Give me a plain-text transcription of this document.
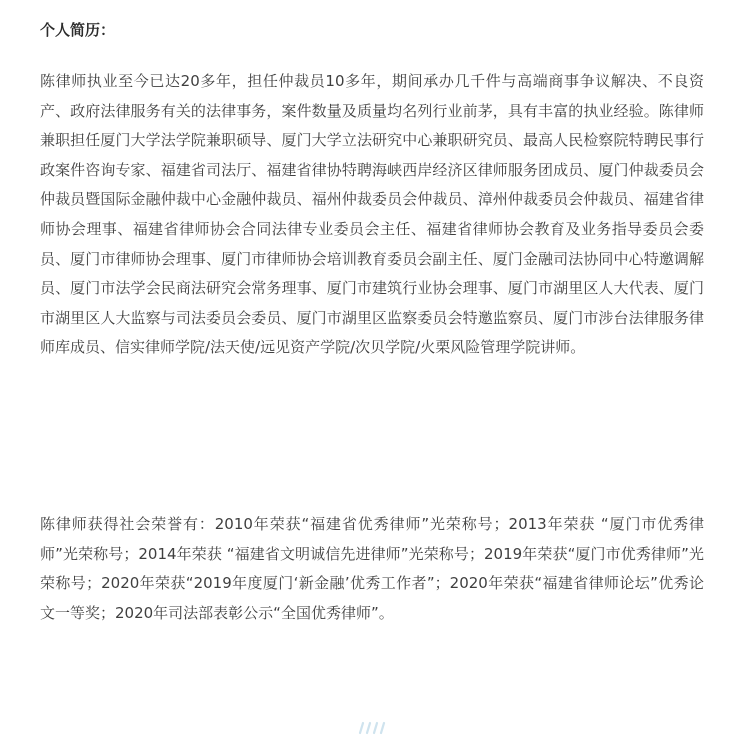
个人简历：
陈律师执业至今已达20多年，担任仲裁员10多年，期间承办几千件与高端商事争议解决、不良资产、政府法律服务有关的法律事务，案件数量及质量均名列行业前茅，具有丰富的执业经验。陈律师兼职担任厦门大学法学院兼职硕导、厦门大学立法研究中心兼职研究员、最高人民检察院特聘民事行政案件咨询专家、福建省司法厅、福建省律协特聘海峡西岸经济区律师服务团成员、厦门仲裁委员会仲裁员暨国际金融仲裁中心金融仲裁员、福州仲裁委员会仲裁员、漳州仲裁委员会仲裁员、福建省律师协会理事、福建省律师协会合同法律专业委员会主任、福建省律师协会教育及业务指导委员会委员、厦门市律师协会理事、厦门市律师协会培训教育委员会副主任、厦门金融司法协同中心特邀调解员、厦门市法学会民商法研究会常务理事、厦门市建筑行业协会理事、厦门市湖里区人大代表、厦门市湖里区人大监察与司法委员会委员、厦门市湖里区监察委员会特邀监察员、厦门市涉台法律服务律师库成员、信实律师学院/法天使/远见资产学院/次贝学院/火栗风险管理学院讲师。
陈律师获得社会荣誉有：2010年荣获“福建省优秀律师”光荣称号；2013年荣获 “厦门市优秀律师”光荣称号；2014年荣获 “福建省文明诚信先进律师”光荣称号；2019年荣获“厦门市优秀律师”光荣称号；2020年荣获“2019年度厦门‘新金融’优秀工作者”；2020年荣获“福建省律师论坛”优秀论文一等奖；2020年司法部表彰公示“全国优秀律师”。
